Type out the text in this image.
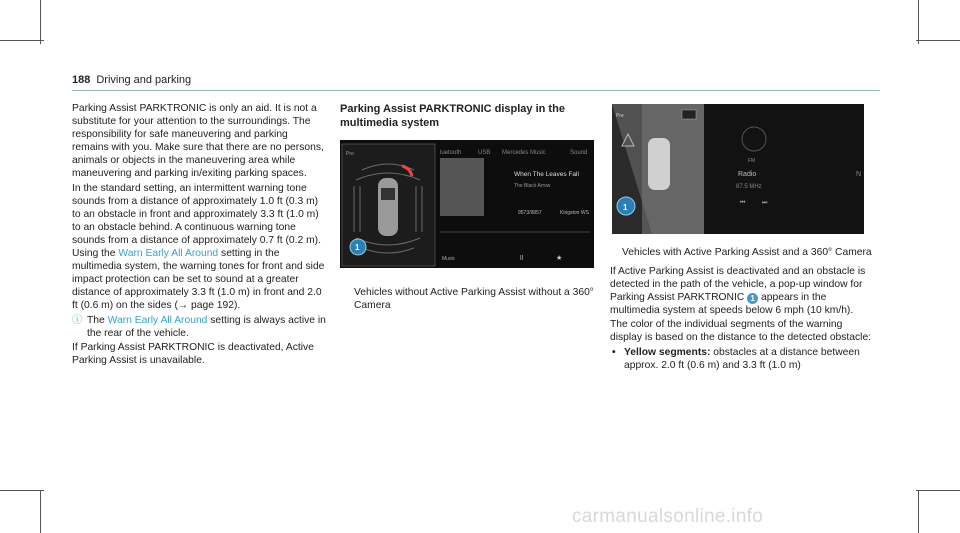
188 Driving and parking

Parking Assist PARKTRONIC is only an aid. It is not a substitute for your attention to the surroundings. The responsibility for safe maneuvering and parking remains with you. Make sure that there are no persons, animals or objects in the maneuvering area while maneuvering and parking in/exiting parking spaces.

In the standard setting, an intermittent warning tone sounds from a distance of approximately 1.0 ft (0.3 m) to an obstacle in front and approximately 3.3 ft (1.0 m) to an obstacle behind. A continuous warning tone sounds from a distance of approximately 0.7 ft (0.2 m). Using the Warn Early All Around setting in the multimedia system, the warning tones for front and side impact protection can be set to sound at a greater distance of approximately 3.3 ft (1.0 m) in front and 2.0 ft (0.6 m) on the sides (→ page 192).

ⓘ The Warn Early All Around setting is always active in the rear of the vehicle.

If Parking Assist PARKTRONIC is deactivated, Active Parking Assist is unavailable.

Parking Assist PARKTRONIC display in the multimedia system
Pre	luetooth	USB Mercedes Music	Sound
When The Leaves Fall
The Black Arrow
9573/9857	Kingston WS
Music	ll	★
1
Vehicles without Active Parking Assist without a 360° Camera
Pre
1
FM
Radio
87.5 MHz
N
⏮	⏭

Vehicles with Active Parking Assist and a 360° Camera

If Active Parking Assist is deactivated and an obstacle is detected in the path of the vehicle, a pop-up window for Parking Assist PARKTRONIC 1 appears in the multimedia system at speeds below 6 mph (10 km/h).

The color of the individual segments of the warning display is based on the distance to the detected obstacle:

• Yellow segments: obstacles at a distance between approx. 2.0 ft (0.6 m) and 3.3 ft (1.0 m)

carmanualsonline.info
